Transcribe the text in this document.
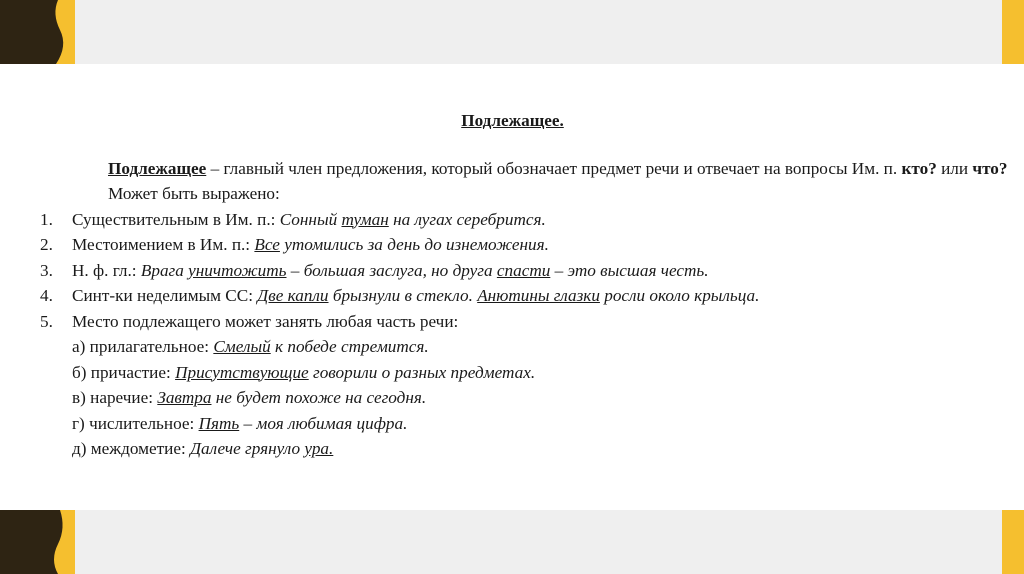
Подлежащее.

Подлежащее – главный член предложения, который обозначает предмет речи и отвечает на вопросы Им. п. кто? или что?

Может быть выражено:

1. Существительным в Им. п.: Сонный туман на лугах серебрится.
2. Местоимением в Им. п.: Все утомились за день до изнеможения.
3. Н. ф. гл.: Врага уничтожить – большая заслуга, но друга спасти – это высшая честь.
4. Синт-ки неделимым СС: Две капли брызнули в стекло. Анютины глазки росли около крыльца.
5. Место подлежащего может занять любая часть речи:

а) прилагательное: Смелый к победе стремится.

б) причастие: Присутствующие говорили о разных предметах.

в) наречие: Завтра не будет похоже на сегодня.

г) числительное: Пять – моя любимая цифра.

д) междометие: Далече грянуло ура.
